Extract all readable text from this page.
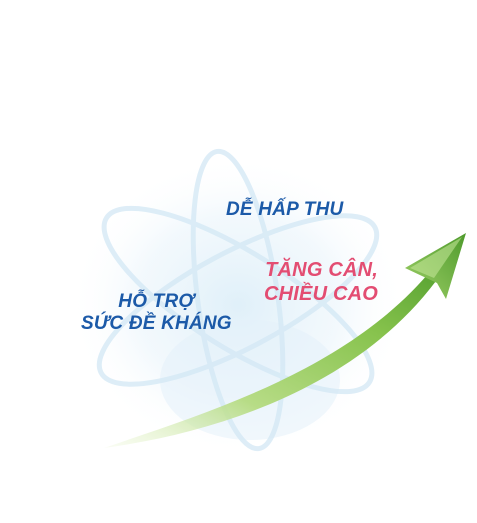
DỄ HẤP THU
TĂNG CÂN,
CHIỀU CAO
HỖ TRỢ
SỨC ĐỀ KHÁNG
